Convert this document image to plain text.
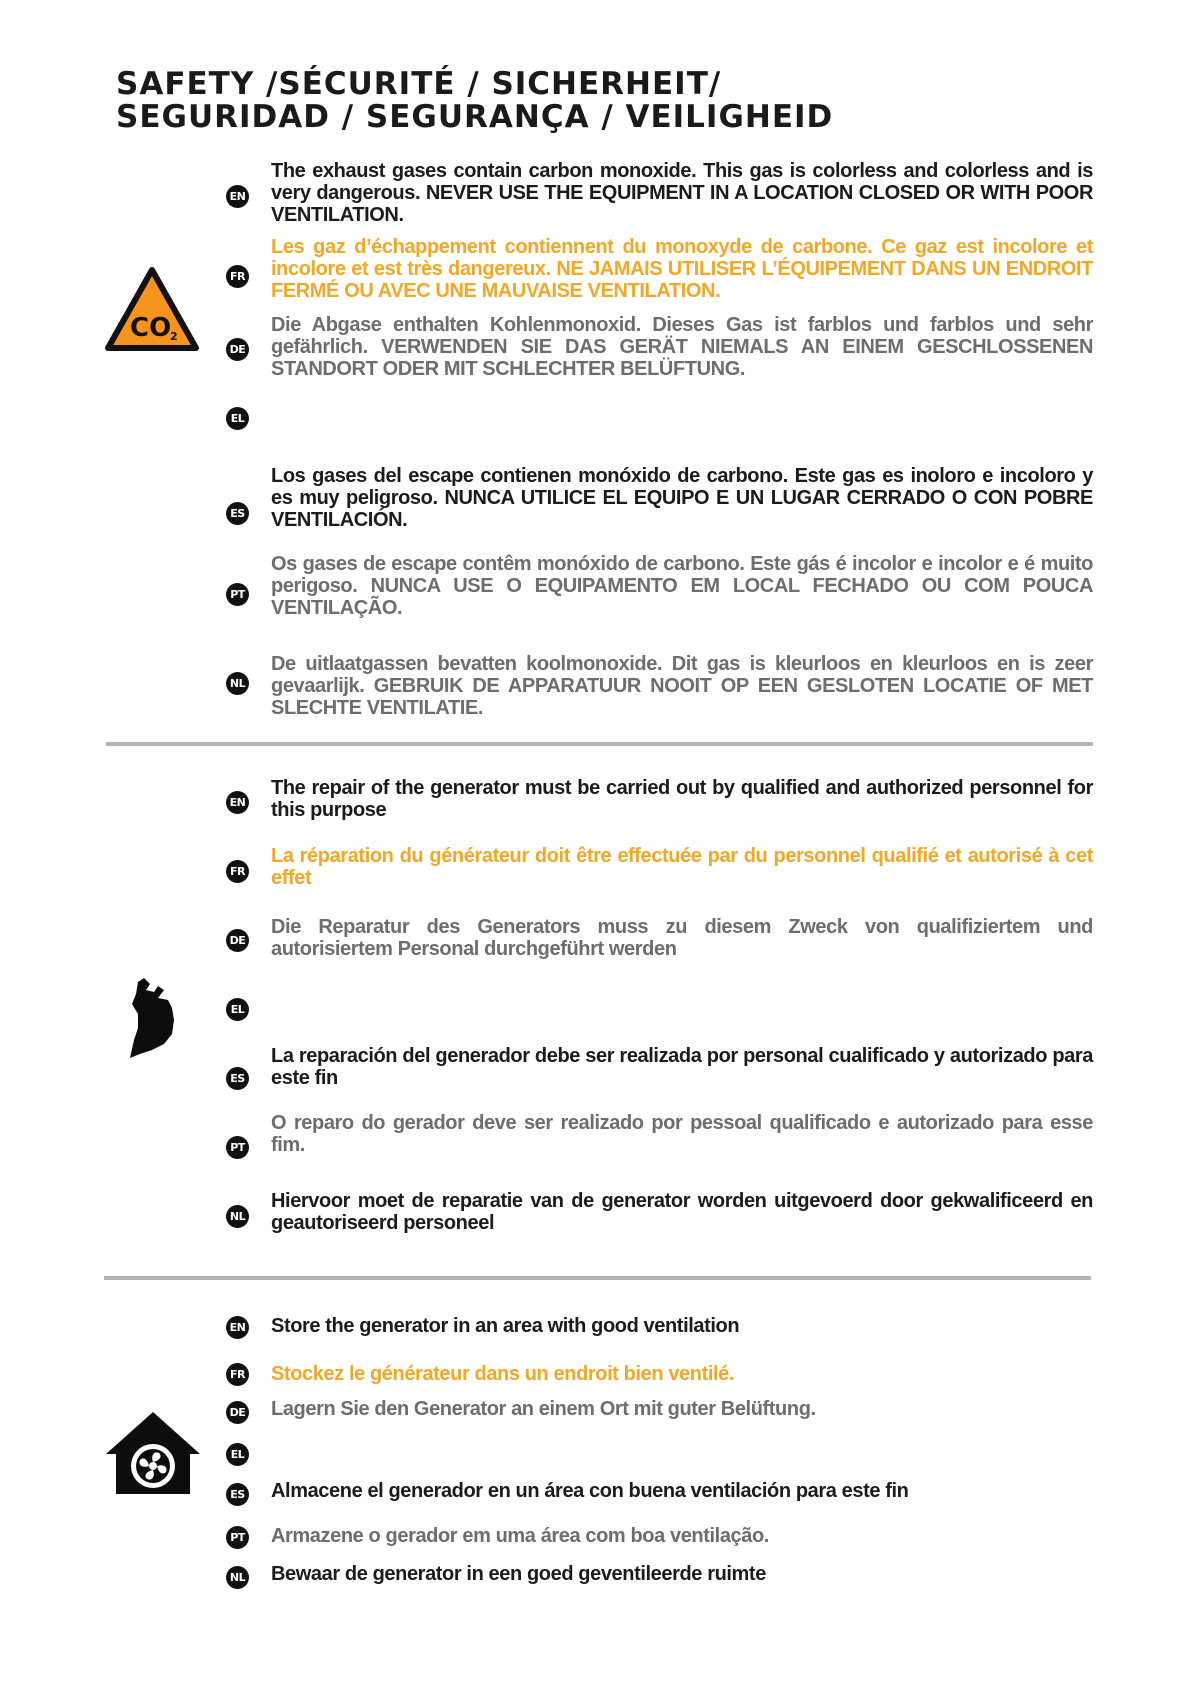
SAFETY /SÉCURITÉ / SICHERHEIT/
SEGURIDAD / SEGURANÇA / VEILIGHEID
CO
2
EN
The exhaust gases contain carbon monoxide. This gas is colorless and colorless and is very dangerous. NEVER USE THE EQUIPMENT IN A LOCATION CLOSED OR WITH POOR VENTILATION.
FR
Les gaz d’échappement contiennent du monoxyde de carbone. Ce gaz est incolore et incolore et est très dangereux. NE JAMAIS UTILISER L’ÉQUIPEMENT DANS UN ENDROIT FERMÉ OU AVEC UNE MAUVAISE VENTILATION.
DE
Die Abgase enthalten Kohlenmonoxid. Dieses Gas ist farblos und farblos und sehr gefährlich. VERWENDEN SIE DAS GERÄT NIEMALS AN EINEM GESCHLOSSENEN STANDORT ODER MIT SCHLECHTER BELÜFTUNG.
EL
ES
Los gases del escape contienen monóxido de carbono. Este gas es inoloro e incoloro y es muy peligroso. NUNCA UTILICE EL EQUIPO E UN LUGAR CERRADO O CON POBRE VENTILACIÓN.
PT
Os gases de escape contêm monóxido de carbono. Este gás é incolor e incolor e é muito perigoso. NUNCA USE O EQUIPAMENTO EM LOCAL FECHADO OU COM POUCA VENTILAÇÃO.
NL
De uitlaatgassen bevatten koolmonoxide. Dit gas is kleurloos en kleurloos en is zeer gevaarlijk. GEBRUIK DE APPARATUUR NOOIT OP EEN GESLOTEN LOCATIE OF MET SLECHTE VENTILATIE.
EN
The repair of the generator must be carried out by qualified and authorized personnel for this purpose
FR
La réparation du générateur doit être effectuée par du personnel qualifié et autorisé à cet effet
DE
Die Reparatur des Generators muss zu diesem Zweck von qualifiziertem und autorisiertem Personal durchgeführt werden
EL
ES
La reparación del generador debe ser realizada por personal cualificado y autorizado para este fin
PT
O reparo do gerador deve ser realizado por pessoal qualificado e autorizado para esse fim.
NL
Hiervoor moet de reparatie van de generator worden uitgevoerd door gekwalificeerd en geautoriseerd personeel
EN Store the generator in an area with good ventilation
FR Stockez le générateur dans un endroit bien ventilé.
DE Lagern Sie den Generator an einem Ort mit guter Belüftung.
EL
ES Almacene el generador en un área con buena ventilación para este fin
PT Armazene o gerador em uma área com boa ventilação.
NL Bewaar de generator in een goed geventileerde ruimte
